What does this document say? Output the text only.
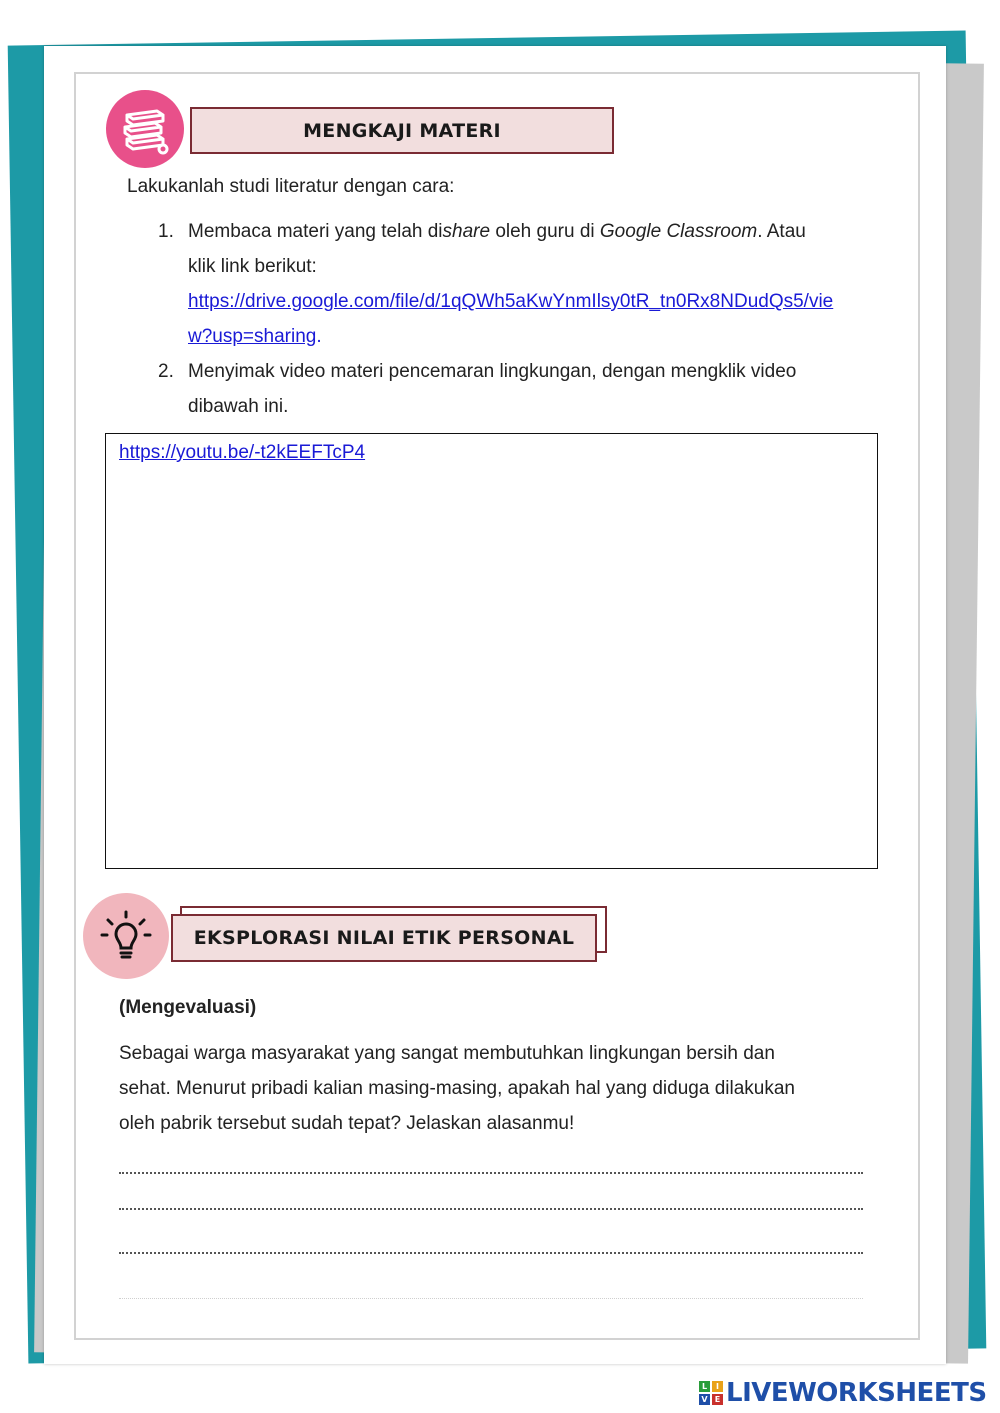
MENGKAJI MATERI
Lakukanlah studi literatur dengan cara:
1. Membaca materi yang telah dishare oleh guru di Google Classroom. Atau
klik link berikut:
https://drive.google.com/file/d/1qQWh5aKwYnmIlsy0tR_tn0Rx8NDudQs5/vie
w?usp=sharing.
2. Menyimak video materi pencemaran lingkungan, dengan mengklik video
dibawah ini.
https://youtu.be/-t2kEEFTcP4
EKSPLORASI NILAI ETIK PERSONAL
(Mengevaluasi)
Sebagai warga masyarakat yang sangat membutuhkan lingkungan bersih dan
sehat. Menurut pribadi kalian masing-masing, apakah hal yang diduga dilakukan
oleh pabrik tersebut sudah tepat? Jelaskan alasanmu!
L	I
V E LIVEWORKSHEETS
